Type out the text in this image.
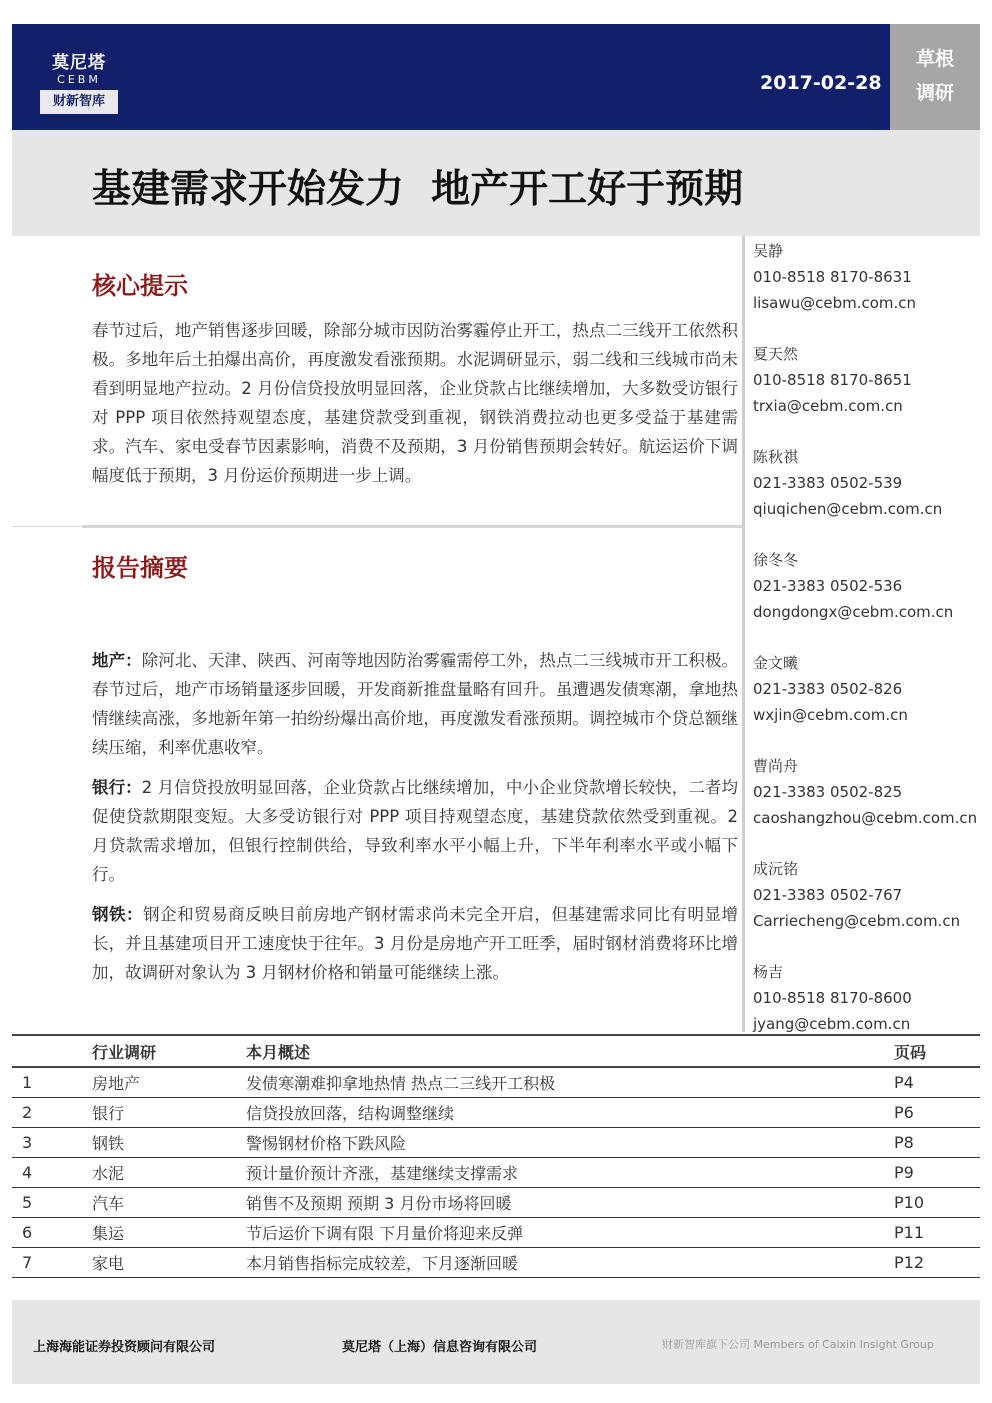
莫尼塔
CEBM
财新智库
2017-02-28
草根
调研
基建需求开始发力  地产开工好于预期
核心提示
春节过后，地产销售逐步回暖，除部分城市因防治雾霾停止开工，热点二三线开工依然积极。多地年后土拍爆出高价，再度激发看涨预期。水泥调研显示，弱二线和三线城市尚未看到明显地产拉动。2 月份信贷投放明显回落，企业贷款占比继续增加，大多数受访银行对 PPP 项目依然持观望态度，基建贷款受到重视，钢铁消费拉动也更多受益于基建需求。汽车、家电受春节因素影响，消费不及预期，3 月份销售预期会转好。航运运价下调幅度低于预期，3 月份运价预期进一步上调。
报告摘要
地产：除河北、天津、陕西、河南等地因防治雾霾需停工外，热点二三线城市开工积极。春节过后，地产市场销量逐步回暖，开发商新推盘量略有回升。虽遭遇发债寒潮，拿地热情继续高涨，多地新年第一拍纷纷爆出高价地，再度激发看涨预期。调控城市个贷总额继续压缩，利率优惠收窄。
银行：2 月信贷投放明显回落，企业贷款占比继续增加，中小企业贷款增长较快，二者均促使贷款期限变短。大多受访银行对 PPP 项目持观望态度，基建贷款依然受到重视。2 月贷款需求增加，但银行控制供给，导致利率水平小幅上升，下半年利率水平或小幅下行。
钢铁：钢企和贸易商反映目前房地产钢材需求尚未完全开启，但基建需求同比有明显增长，并且基建项目开工速度快于往年。3 月份是房地产开工旺季，届时钢材消费将环比增加，故调研对象认为 3 月钢材价格和销量可能继续上涨。
吴静
010-8518 8170-8631
lisawu@cebm.com.cn
夏天然
010-8518 8170-8651
trxia@cebm.com.cn
陈秋祺
021-3383 0502-539
qiuqichen@cebm.com.cn
徐冬冬
021-3383 0502-536
dongdongx@cebm.com.cn
金文曦
021-3383 0502-826
wxjin@cebm.com.cn
曹尚舟
021-3383 0502-825
caoshangzhou@cebm.com.cn
成沅铭
021-3383 0502-767
Carriecheng@cebm.com.cn
杨吉
010-8518 8170-8600
jyang@cebm.com.cn
	行业调研	本月概述	页码
1	房地产	发债寒潮难抑拿地热情 热点二三线开工积极	P4
2	银行	信贷投放回落，结构调整继续	P6
3	钢铁	警惕钢材价格下跌风险	P8
4	水泥	预计量价预计齐涨，基建继续支撑需求	P9
5	汽车	销售不及预期 预期 3 月份市场将回暖	P10
6	集运	节后运价下调有限 下月量价将迎来反弹	P11
7	家电	本月销售指标完成较差，下月逐渐回暖	P12
上海海能证券投资顾问有限公司	莫尼塔（上海）信息咨询有限公司	财新智库旗下公司 Members of Caixin Insight Group
